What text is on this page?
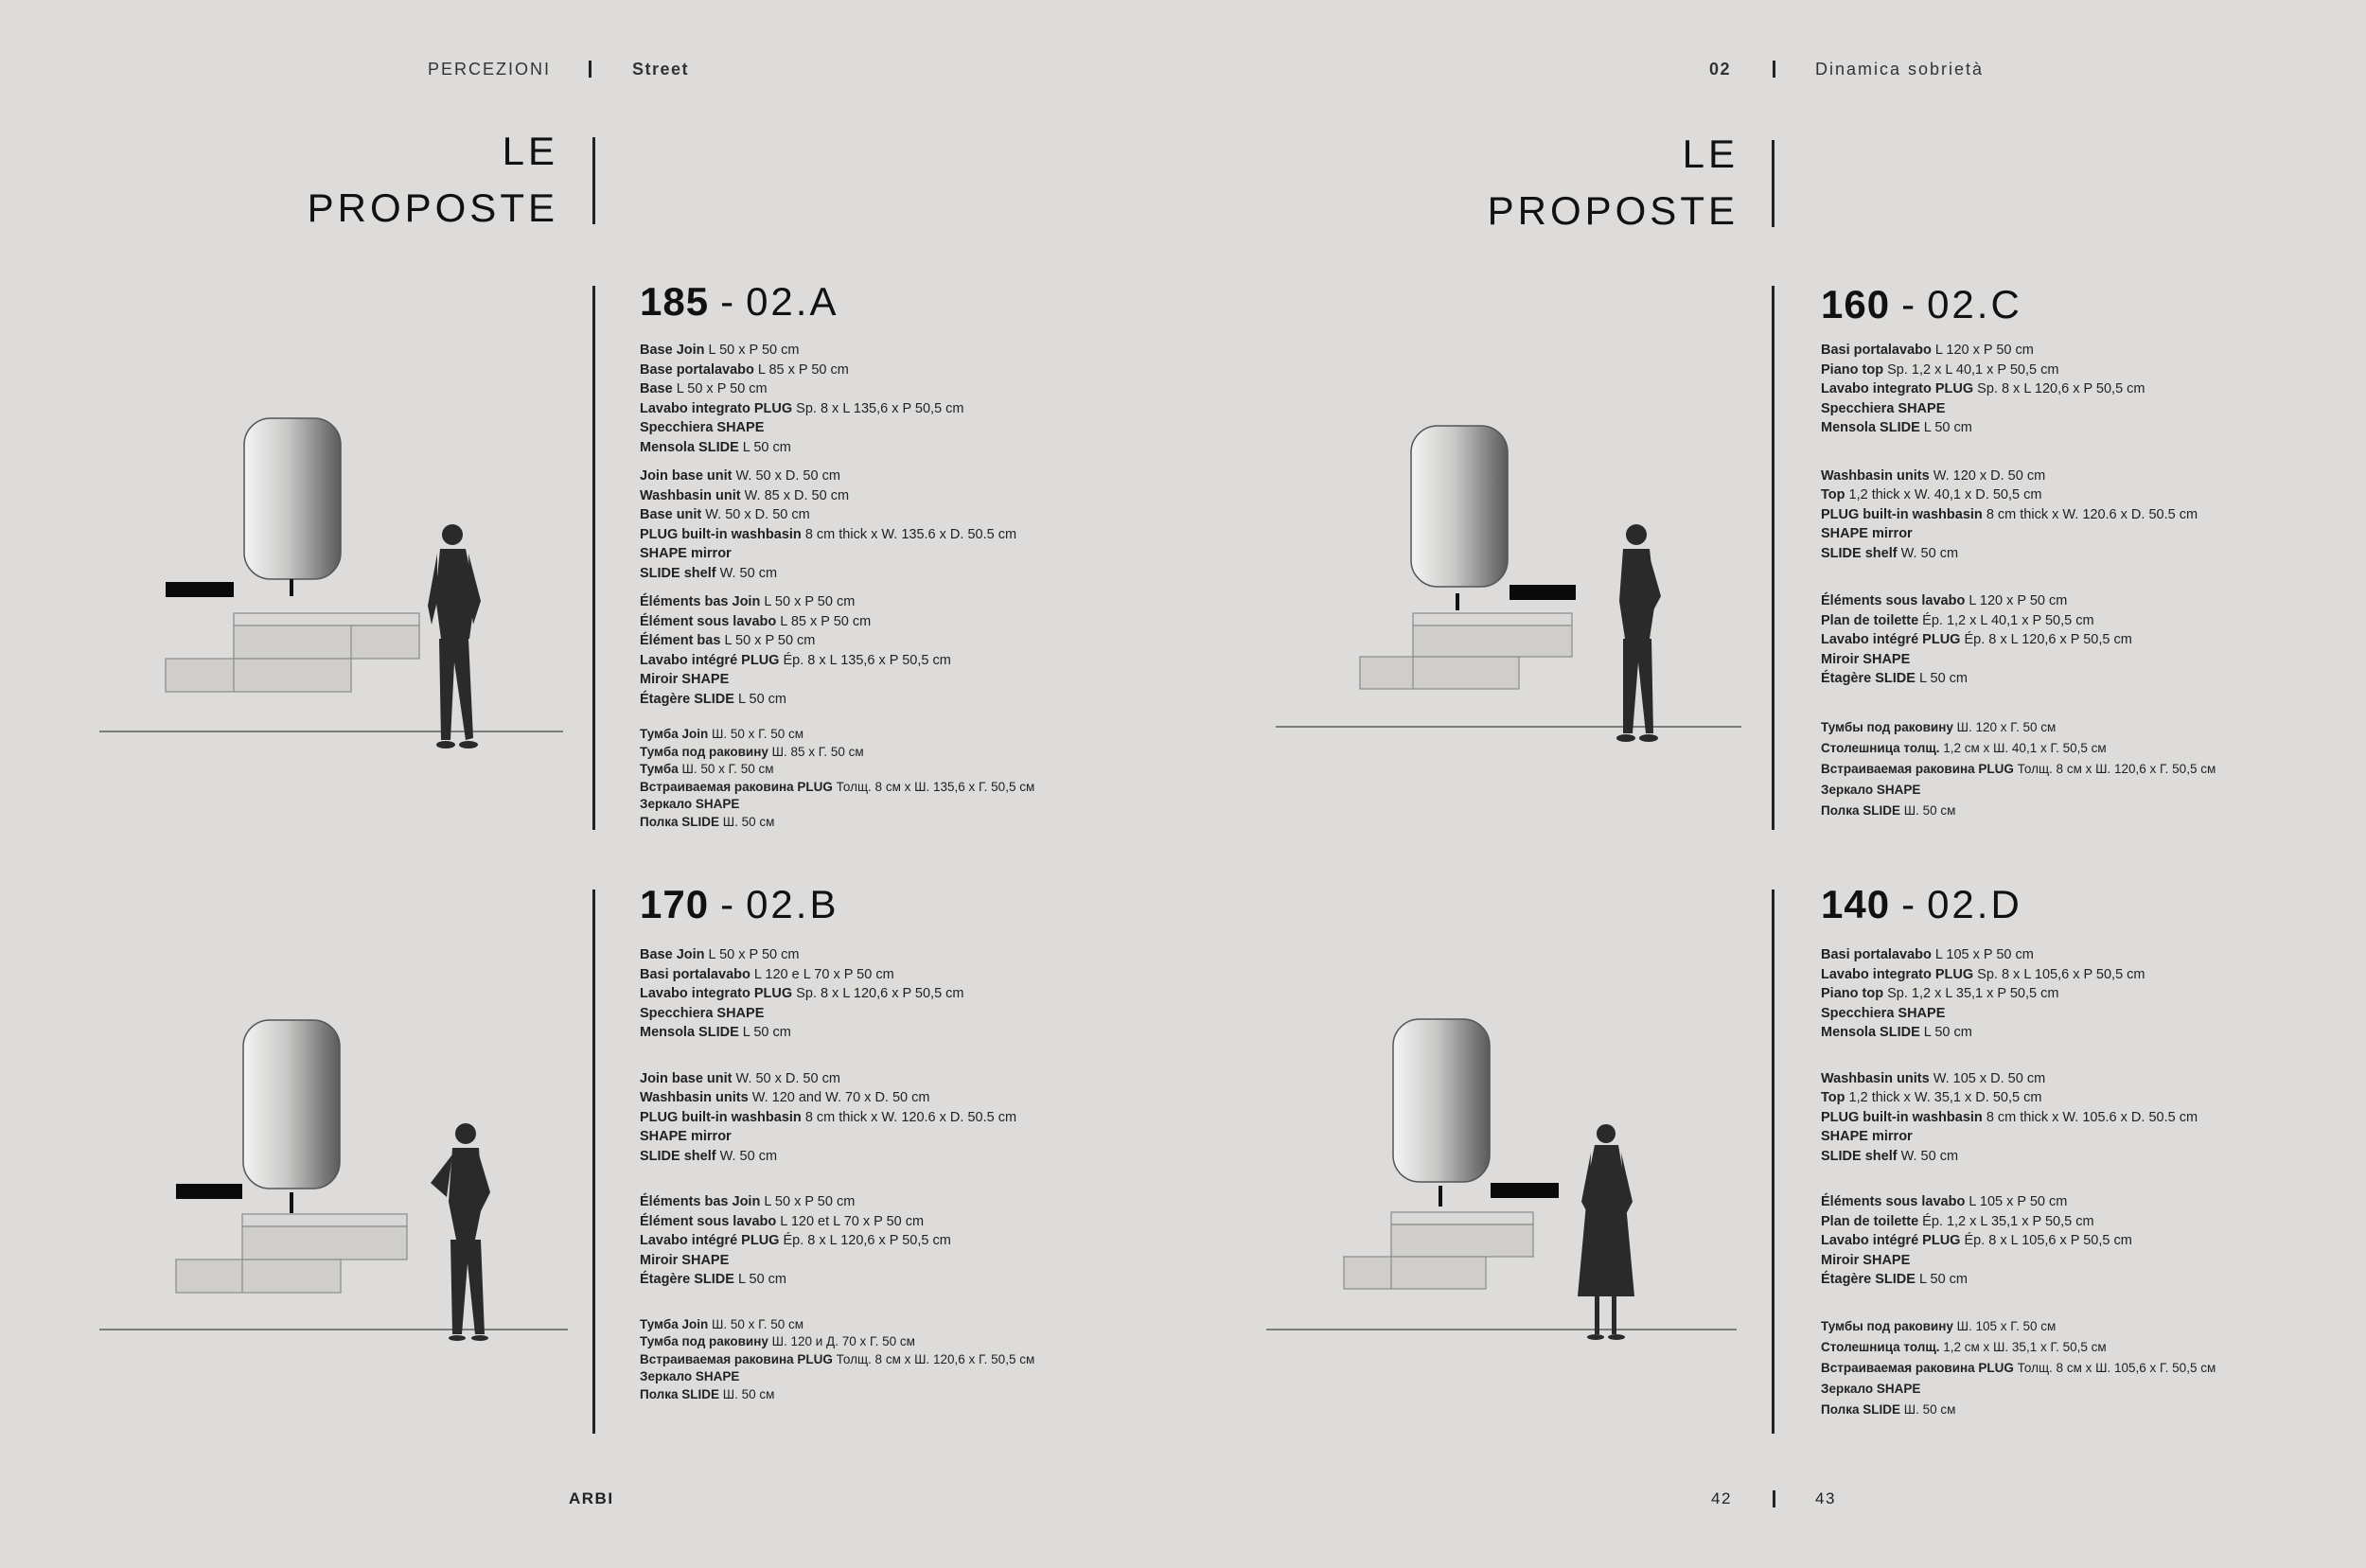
PERCEZIONI	Street	02	Dinamica sobrietà
LE
PROPOSTE
LE
PROPOSTE
185 - 02.A
170 - 02.B
160 - 02.C
140 - 02.D
Base Join L 50 x P 50 cm
Base portalavabo L 85 x P 50 cm
Base L 50 x P 50 cm
Lavabo integrato PLUG Sp. 8 x L 135,6 x P 50,5 cm
Specchiera SHAPE
Mensola SLIDE L 50 cm
Join base unit W. 50 x D. 50 cm
Washbasin unit W. 85 x D. 50 cm
Base unit W. 50 x D. 50 cm
PLUG built-in washbasin 8 cm thick x W. 135.6 x D. 50.5 cm
SHAPE mirror
SLIDE shelf W. 50 cm
Éléments bas Join L 50 x P 50 cm
Élément sous lavabo L 85 x P 50 cm
Élément bas L 50 x P 50 cm
Lavabo intégré PLUG Ép. 8 x L 135,6 x P 50,5 cm
Miroir SHAPE
Étagère SLIDE L 50 cm
Тумба Join Ш. 50 x Г. 50 см
Тумба под раковину Ш. 85 x Г. 50 см
Тумба Ш. 50 x Г. 50 см
Встраиваемая раковина PLUG Толщ. 8 см x Ш. 135,6 x Г. 50,5 см
Зеркало SHAPE
Полка SLIDE Ш. 50 см
Base Join L 50 x P 50 cm
Basi portalavabo L 120 e L 70 x P 50 cm
Lavabo integrato PLUG Sp. 8 x L 120,6 x P 50,5 cm
Specchiera SHAPE
Mensola SLIDE L 50 cm
Join base unit W. 50 x D. 50 cm
Washbasin units W. 120 and W. 70 x D. 50 cm
PLUG built-in washbasin 8 cm thick x W. 120.6 x D. 50.5 cm
SHAPE mirror
SLIDE shelf W. 50 cm
Éléments bas Join L 50 x P 50 cm
Élément sous lavabo L 120 et L 70 x P 50 cm
Lavabo intégré PLUG Ép. 8 x L 120,6 x P 50,5 cm
Miroir SHAPE
Étagère SLIDE L 50 cm
Тумба Join Ш. 50 x Г. 50 см
Тумба под раковину Ш. 120 и Д. 70 x Г. 50 см
Встраиваемая раковина PLUG Толщ. 8 см x Ш. 120,6 x Г. 50,5 см
Зеркало SHAPE
Полка SLIDE Ш. 50 см
Basi portalavabo L 120 x P 50 cm
Piano top Sp. 1,2 x L 40,1 x P 50,5 cm
Lavabo integrato PLUG Sp. 8 x L 120,6 x P 50,5 cm
Specchiera SHAPE
Mensola SLIDE L 50 cm
Washbasin units W. 120 x D. 50 cm
Top 1,2 thick x W. 40,1 x D. 50,5 cm
PLUG built-in washbasin 8 cm thick x W. 120.6 x D. 50.5 cm
SHAPE mirror
SLIDE shelf W. 50 cm
Éléments sous lavabo L 120 x P 50 cm
Plan de toilette Ép. 1,2 x L 40,1 x P 50,5 cm
Lavabo intégré PLUG Ép. 8 x L 120,6 x P 50,5 cm
Miroir SHAPE
Étagère SLIDE L 50 cm
Тумбы под раковину Ш. 120 x Г. 50 см
Столешница толщ. 1,2 см x Ш. 40,1 x Г. 50,5 см
Встраиваемая раковина PLUG Толщ. 8 см x Ш. 120,6 x Г. 50,5 см
Зеркало SHAPE
Полка SLIDE Ш. 50 см
Basi portalavabo L 105 x P 50 cm
Lavabo integrato PLUG Sp. 8 x L 105,6 x P 50,5 cm
Piano top Sp. 1,2 x L 35,1 x P 50,5 cm
Specchiera SHAPE
Mensola SLIDE L 50 cm
Washbasin units W. 105 x D. 50 cm
Top 1,2 thick x W. 35,1 x D. 50,5 cm
PLUG built-in washbasin 8 cm thick x W. 105.6 x D. 50.5 cm
SHAPE mirror
SLIDE shelf W. 50 cm
Éléments sous lavabo L 105 x P 50 cm
Plan de toilette Ép. 1,2 x L 35,1 x P 50,5 cm
Lavabo intégré PLUG Ép. 8 x L 105,6 x P 50,5 cm
Miroir SHAPE
Étagère SLIDE L 50 cm
Тумбы под раковину Ш. 105 x Г. 50 см
Столешница толщ. 1,2 см x Ш. 35,1 x Г. 50,5 см
Встраиваемая раковина PLUG Толщ. 8 см x Ш. 105,6 x Г. 50,5 см
Зеркало SHAPE
Полка SLIDE Ш. 50 см
ARBI	42	43
